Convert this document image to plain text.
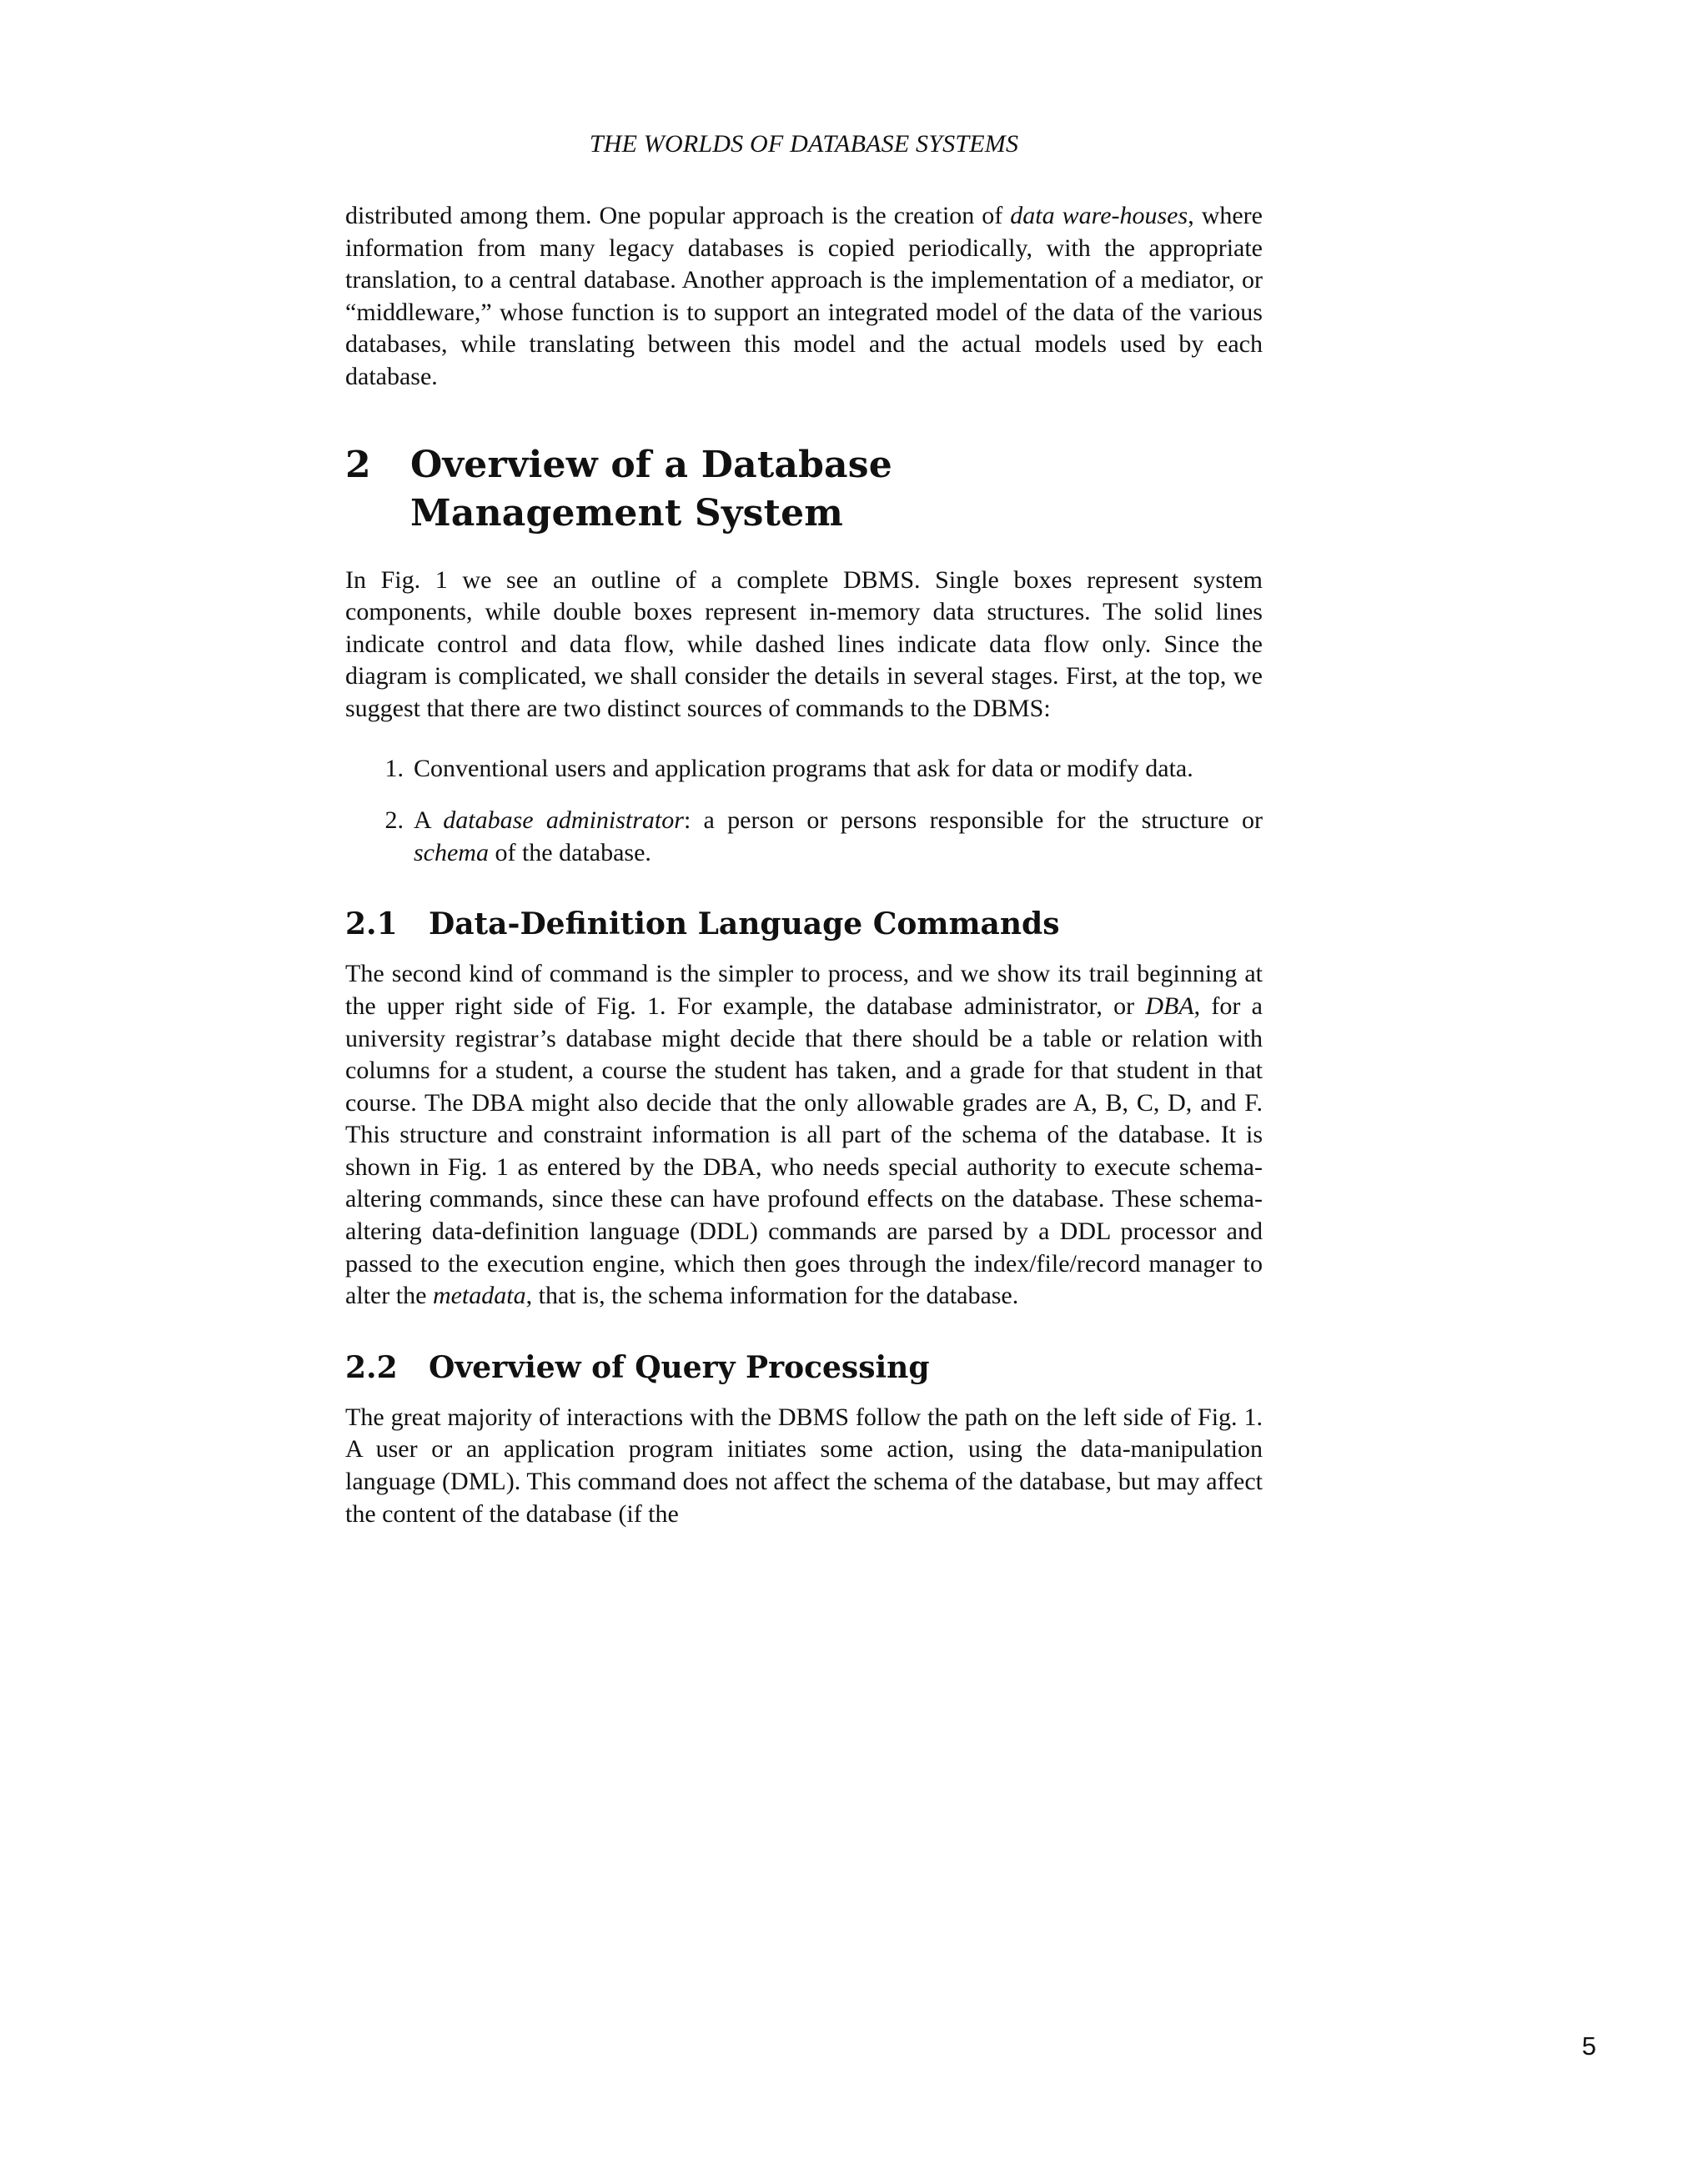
THE WORLDS OF DATABASE SYSTEMS

distributed among them. One popular approach is the creation of data ware-houses, where information from many legacy databases is copied periodically, with the appropriate translation, to a central database. Another approach is the implementation of a mediator, or “middleware,” whose function is to support an integrated model of the data of the various databases, while translating between this model and the actual models used by each database.

2	Overview of a Database Management System

In Fig. 1 we see an outline of a complete DBMS. Single boxes represent system components, while double boxes represent in-memory data structures. The solid lines indicate control and data flow, while dashed lines indicate data flow only. Since the diagram is complicated, we shall consider the details in several stages. First, at the top, we suggest that there are two distinct sources of commands to the DBMS:

1. Conventional users and application programs that ask for data or modify data.
2. A database administrator: a person or persons responsible for the structure or schema of the database.
2.1	Data-Definition Language Commands

The second kind of command is the simpler to process, and we show its trail beginning at the upper right side of Fig. 1. For example, the database administrator, or DBA, for a university registrar’s database might decide that there should be a table or relation with columns for a student, a course the student has taken, and a grade for that student in that course. The DBA might also decide that the only allowable grades are A, B, C, D, and F. This structure and constraint information is all part of the schema of the database. It is shown in Fig. 1 as entered by the DBA, who needs special authority to execute schema-altering commands, since these can have profound effects on the database. These schema-altering data-definition language (DDL) commands are parsed by a DDL processor and passed to the execution engine, which then goes through the index/file/record manager to alter the metadata, that is, the schema information for the database.

2.2	Overview of Query Processing

The great majority of interactions with the DBMS follow the path on the left side of Fig. 1. A user or an application program initiates some action, using the data-manipulation language (DML). This command does not affect the schema of the database, but may affect the content of the database (if the

5
